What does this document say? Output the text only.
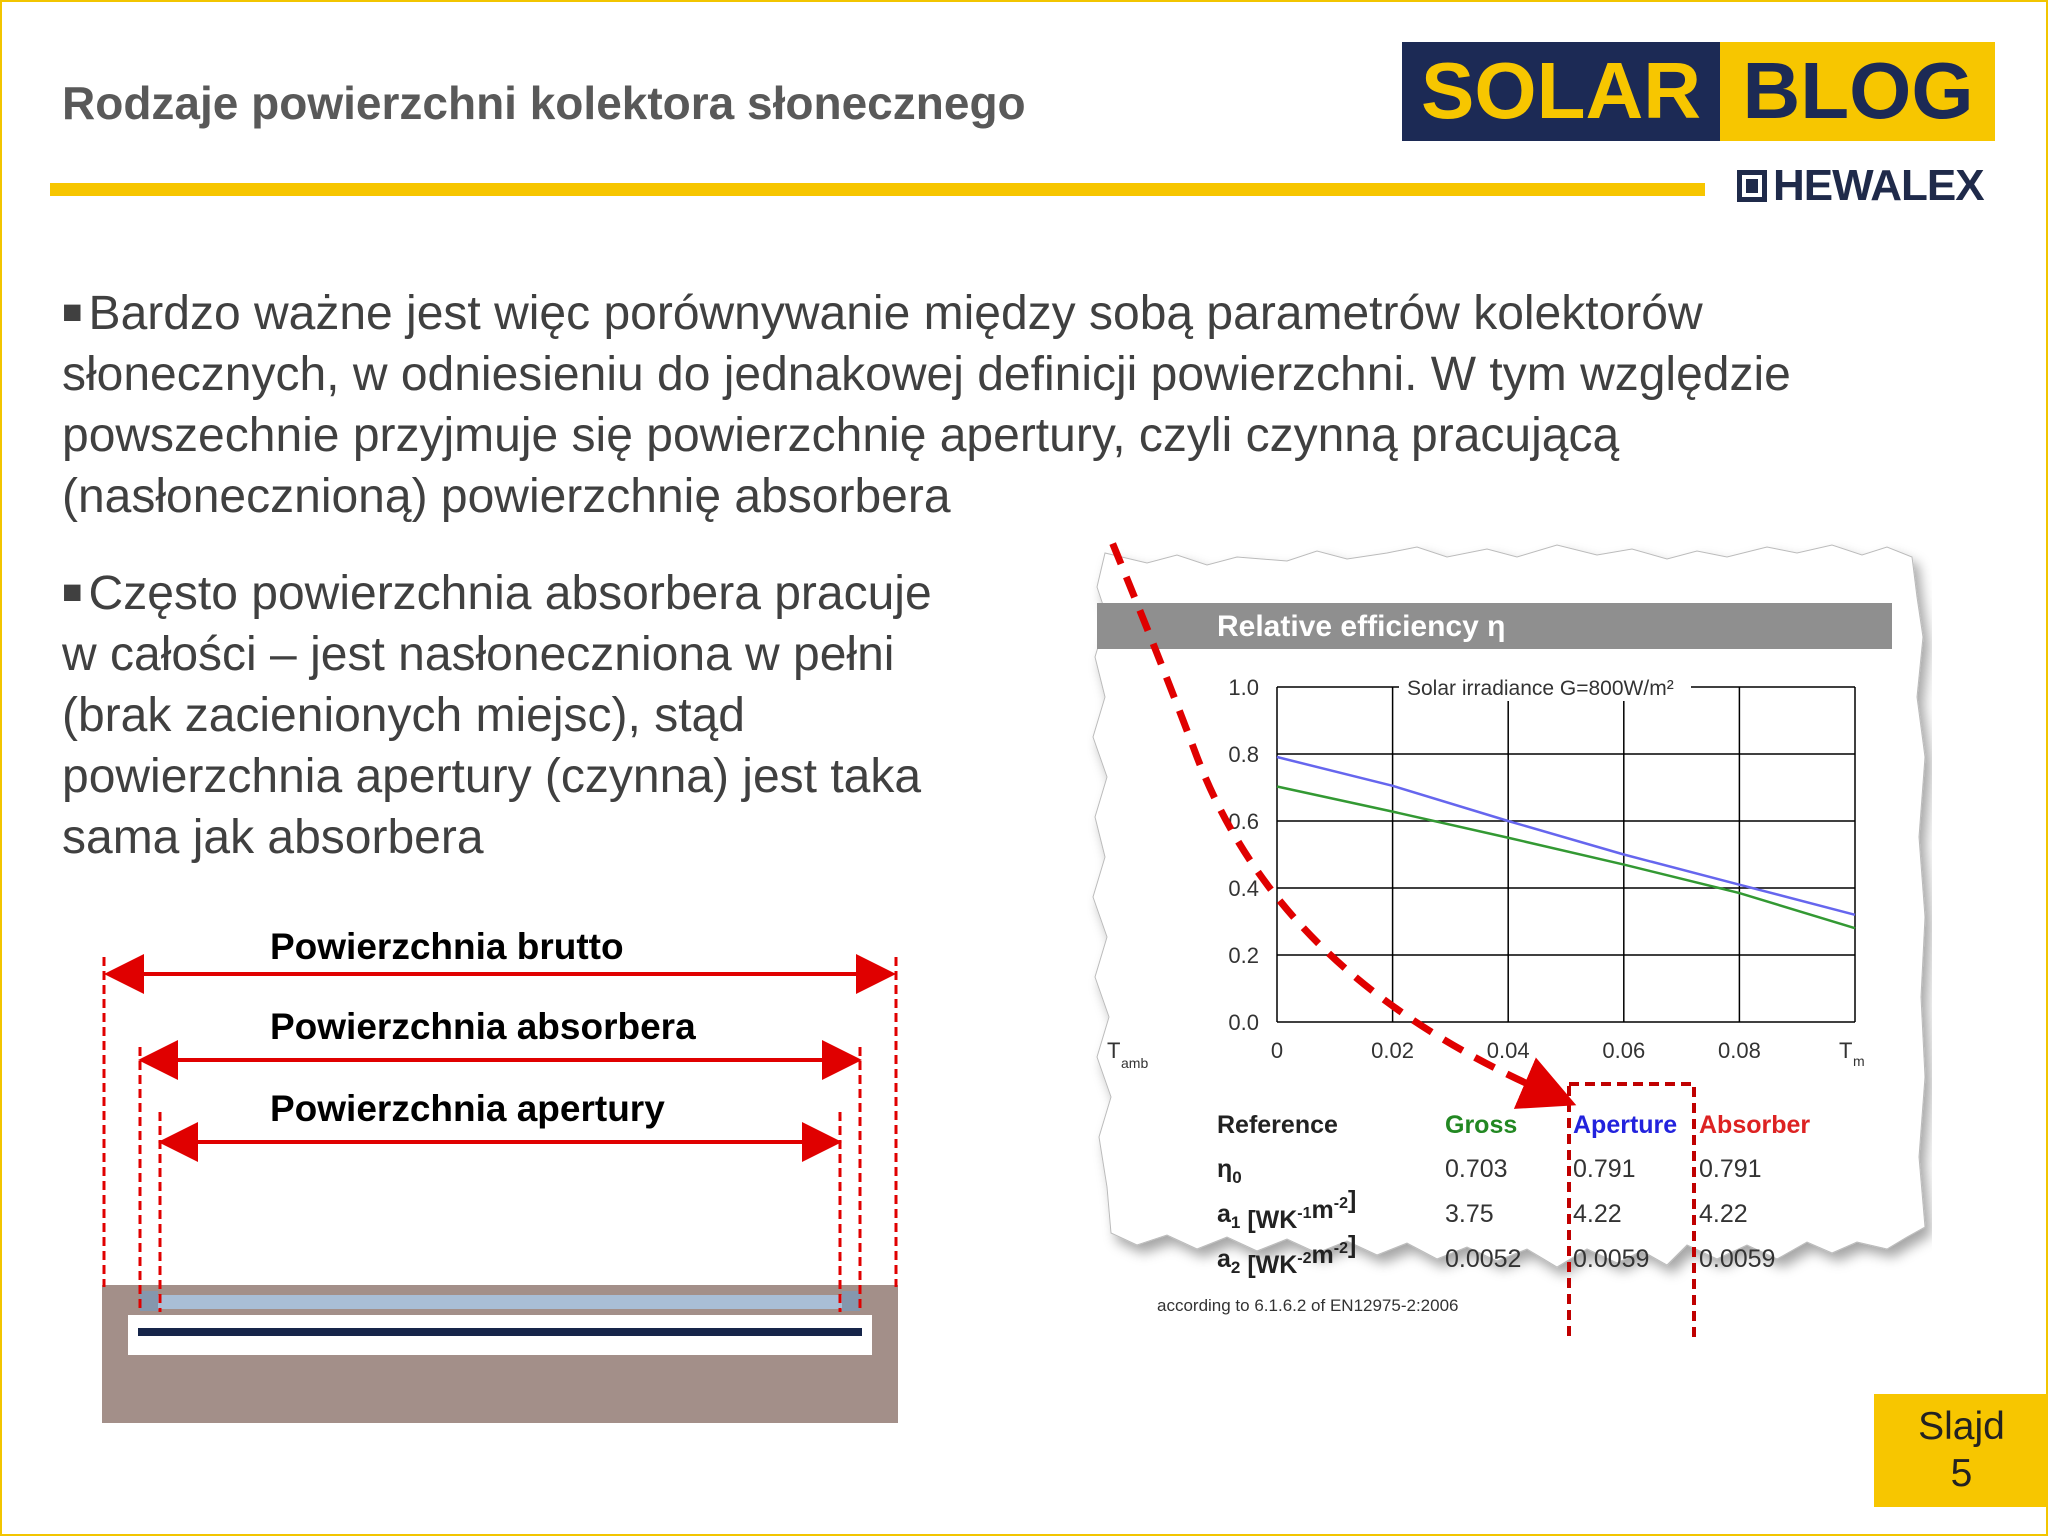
Rodzaje powierzchni kolektora słonecznego	SOLAR BLOG
HEWALEX
■ Bardzo ważne jest więc porównywanie między sobą parametrów kolektorów
słonecznych, w odniesieniu do jednakowej definicji powierzchni. W tym względzie
powszechnie przyjmuje się powierzchnię apertury, czyli czynną pracującą
(nasłonecznioną) powierzchnię absorbera
■ Często powierzchnia absorbera pracuje
w całości – jest nasłoneczniona w pełni
(brak zacienionych miejsc), stąd
powierzchnia apertury (czynna) jest taka
sama jak absorbera
Powierzchnia brutto
Powierzchnia absorbera
Powierzchnia apertury
Relative efficiency η
0.0
0.2
0.4
0.6
0.8
1.0
0	0.02	0.04	0.06	0.08
T amb	T m
Solar irradiance G=800W/m²
Reference	Gross Aperture Absorber
$\eta_0$	0.703	0.791	0.791
$a_1$ $[WK^{-1}m^{-2}]$	3.75	4.22	4.22
$a_2$ $[WK^{-2}m^{-2}]$	0.0052 0.0059 0.0059
according to 6.1.6.2 of EN12975-2:2006
Slajd
5
